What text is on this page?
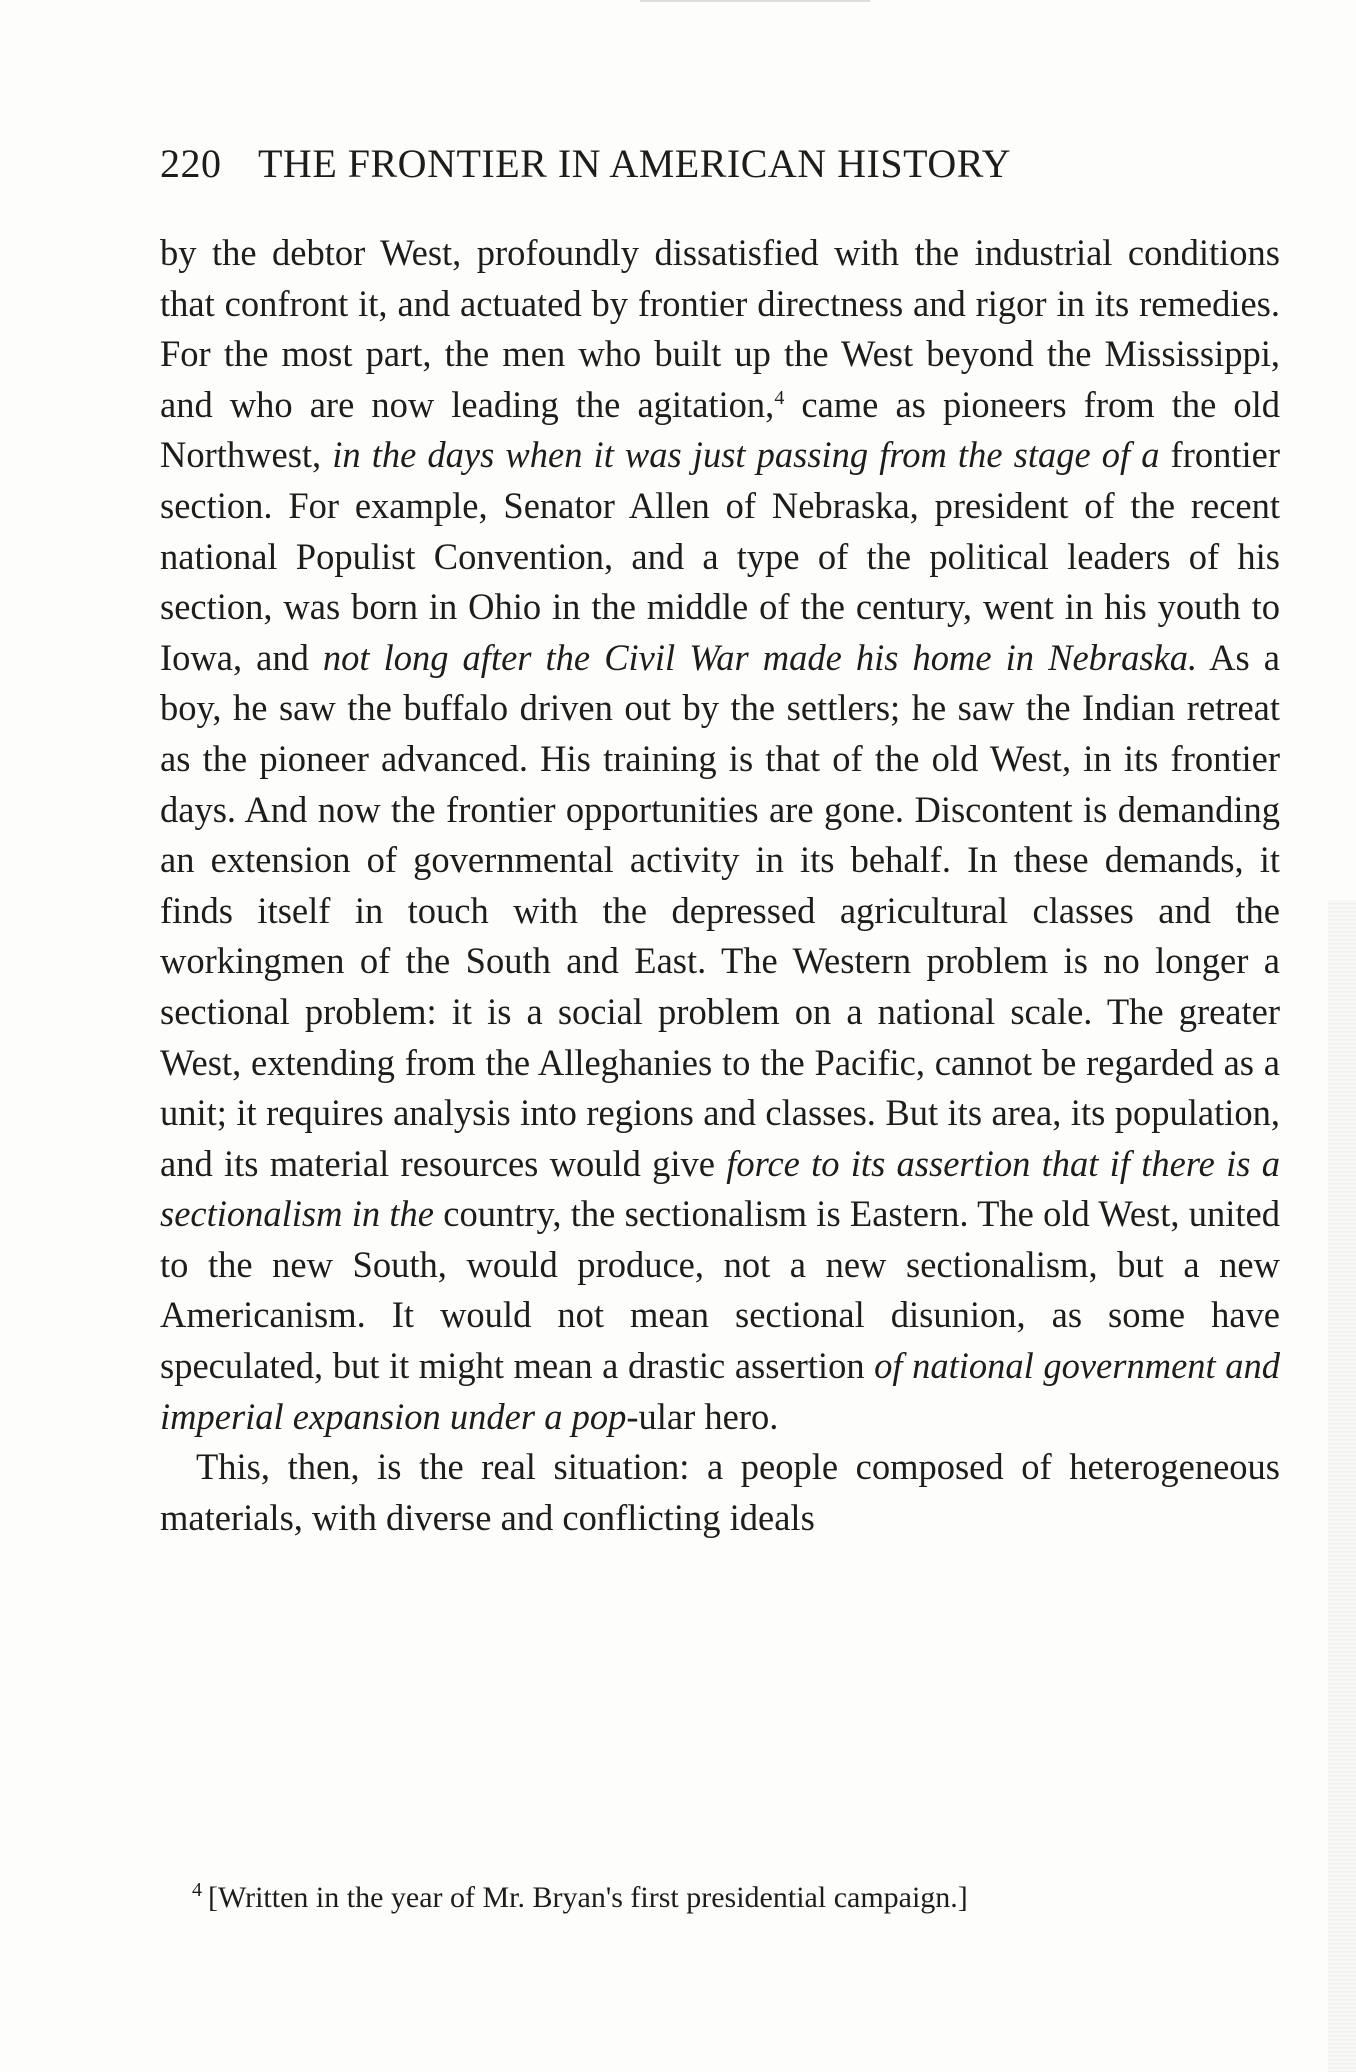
220 THE FRONTIER IN AMERICAN HISTORY

by the debtor West, profoundly dissatisfied with the industrial conditions that confront it, and actuated by frontier directness and rigor in its remedies. For the most part, the men who built up the West beyond the Mississippi, and who are now leading the agitation,$^4$ came as pioneers from the old Northwest, in the days when it was just passing from the stage of a frontier section. For example, Senator Allen of Nebraska, president of the recent national Populist Convention, and a type of the political leaders of his section, was born in Ohio in the middle of the century, went in his youth to Iowa, and not long after the Civil War made his home in Nebraska. As a boy, he saw the buffalo driven out by the settlers; he saw the Indian retreat as the pioneer advanced. His training is that of the old West, in its frontier days. And now the frontier opportunities are gone. Discontent is demanding an extension of governmental activity in its behalf. In these demands, it finds itself in touch with the depressed agricultural classes and the workingmen of the South and East. The Western problem is no longer a sectional problem: it is a social problem on a national scale. The greater West, extending from the Alleghanies to the Pacific, cannot be regarded as a unit; it requires analysis into regions and classes. But its area, its population, and its material resources would give force to its assertion that if there is a sectionalism in the country, the sectionalism is Eastern. The old West, united to the new South, would produce, not a new sectionalism, but a new Americanism. It would not mean sectional disunion, as some have speculated, but it might mean a drastic assertion of national government and imperial expansion under a pop-ular hero.

This, then, is the real situation: a people composed of heterogeneous materials, with diverse and conflicting ideals

$^4$ [Written in the year of Mr. Bryan's first presidential campaign.]
